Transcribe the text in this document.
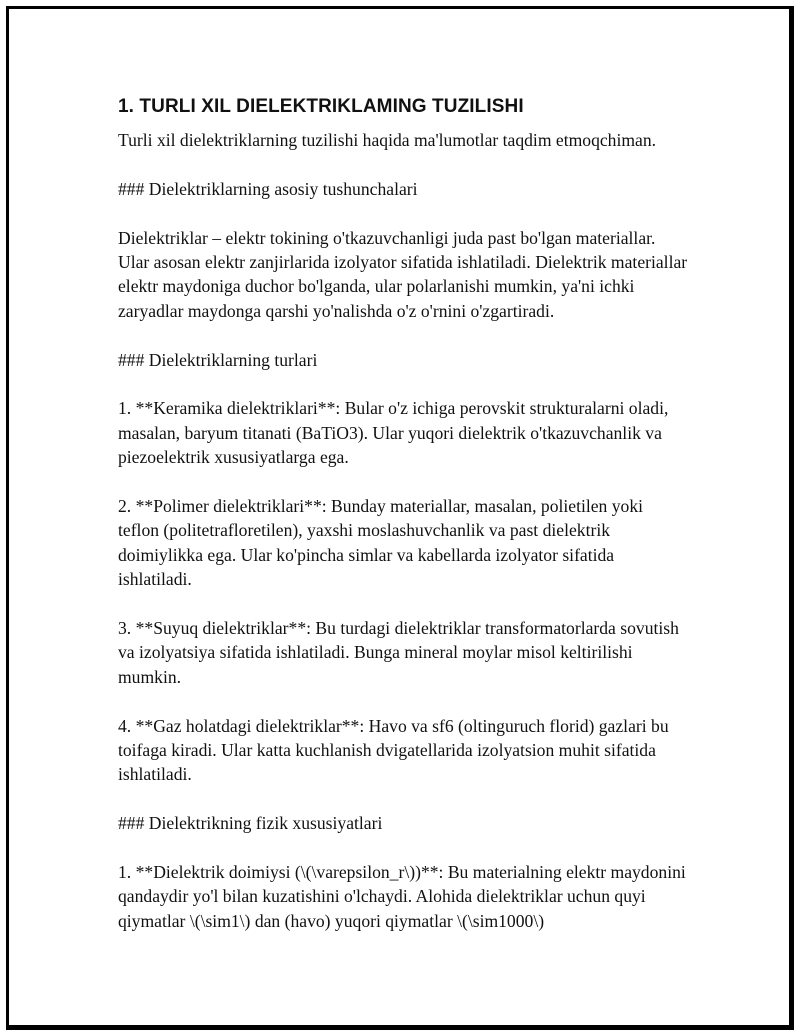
1. TURLI XIL DIELEKTRIKLAMING TUZILISHI

Turli xil dielektriklarning tuzilishi haqida ma'lumotlar taqdim etmoqchiman.

### Dielektriklarning asosiy tushunchalari

Dielektriklar – elektr tokining o'tkazuvchanligi juda past bo'lgan materiallar. Ular asosan elektr zanjirlarida izolyator sifatida ishlatiladi. Dielektrik materiallar elektr maydoniga duchor bo'lganda, ular polarlanishi mumkin, ya'ni ichki zaryadlar maydonga qarshi yo'nalishda o'z o'rnini o'zgartiradi.

### Dielektriklarning turlari

1. **Keramika dielektriklari**: Bular o'z ichiga perovskit strukturalarni oladi, masalan, baryum titanati (BaTiO3). Ular yuqori dielektrik o'tkazuvchanlik va piezoelektrik xususiyatlarga ega.

2. **Polimer dielektriklari**: Bunday materiallar, masalan, polietilen yoki teflon (politetrafloretilen), yaxshi moslashuvchanlik va past dielektrik doimiylikka ega. Ular ko'pincha simlar va kabellarda izolyator sifatida ishlatiladi.

3. **Suyuq dielektriklar**: Bu turdagi dielektriklar transformatorlarda sovutish va izolyatsiya sifatida ishlatiladi. Bunga mineral moylar misol keltirilishi mumkin.

4. **Gaz holatdagi dielektriklar**: Havo va sf6 (oltinguruch florid) gazlari bu toifaga kiradi. Ular katta kuchlanish dvigatellarida izolyatsion muhit sifatida ishlatiladi.

### Dielektrikning fizik xususiyatlari

1. **Dielektrik doimiysi (\(\varepsilon_r\))**: Bu materialning elektr maydonini qandaydir yo'l bilan kuzatishini o'lchaydi. Alohida dielektriklar uchun quyi qiymatlar \(\sim1\) dan (havo) yuqori qiymatlar \(\sim1000\)
